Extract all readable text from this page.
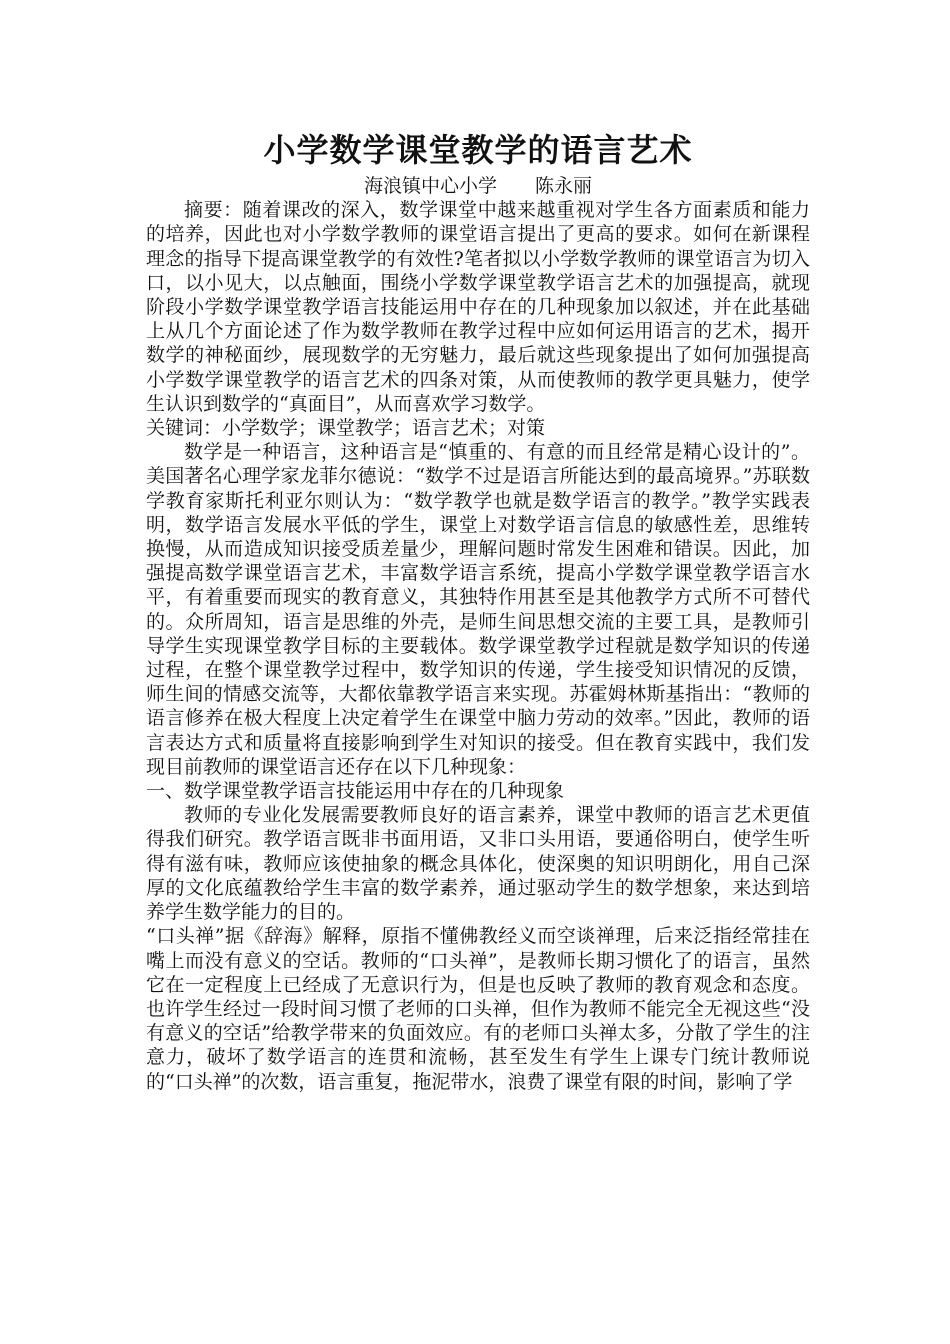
小学数学课堂教学的语言艺术

海浪镇中心小学　　陈永丽

摘要：随着课改的深入，数学课堂中越来越重视对学生各方面素质和能力的培养，因此也对小学数学教师的课堂语言提出了更高的要求。如何在新课程理念的指导下提高课堂教学的有效性?笔者拟以小学数学教师的课堂语言为切入口，以小见大，以点触面，围绕小学数学课堂教学语言艺术的加强提高，就现阶段小学数学课堂教学语言技能运用中存在的几种现象加以叙述，并在此基础上从几个方面论述了作为数学教师在教学过程中应如何运用语言的艺术，揭开数学的神秘面纱，展现数学的无穷魅力，最后就这些现象提出了如何加强提高小学数学课堂教学的语言艺术的四条对策，从而使教师的教学更具魅力，使学生认识到数学的“真面目”，从而喜欢学习数学。

关键词：小学数学；课堂教学；语言艺术；对策

数学是一种语言，这种语言是“慎重的、有意的而且经常是精心设计的”。美国著名心理学家龙菲尔德说：“数学不过是语言所能达到的最高境界。”苏联数学教育家斯托利亚尔则认为：“数学教学也就是数学语言的教学。”教学实践表明，数学语言发展水平低的学生，课堂上对数学语言信息的敏感性差，思维转换慢，从而造成知识接受质差量少，理解问题时常发生困难和错误。因此，加强提高数学课堂语言艺术，丰富数学语言系统，提高小学数学课堂教学语言水平，有着重要而现实的教育意义，其独特作用甚至是其他教学方式所不可替代的。众所周知，语言是思维的外壳，是师生间思想交流的主要工具，是教师引导学生实现课堂教学目标的主要载体。数学课堂教学过程就是数学知识的传递过程，在整个课堂教学过程中，数学知识的传递，学生接受知识情况的反馈，师生间的情感交流等，大都依靠教学语言来实现。苏霍姆林斯基指出：“教师的语言修养在极大程度上决定着学生在课堂中脑力劳动的效率。”因此，教师的语言表达方式和质量将直接影响到学生对知识的接受。但在教育实践中，我们发现目前教师的课堂语言还存在以下几种现象：

一、数学课堂教学语言技能运用中存在的几种现象

教师的专业化发展需要教师良好的语言素养，课堂中教师的语言艺术更值得我们研究。教学语言既非书面用语，又非口头用语，要通俗明白，使学生听得有滋有味，教师应该使抽象的概念具体化，使深奥的知识明朗化，用自己深厚的文化底蕴教给学生丰富的数学素养，通过驱动学生的数学想象，来达到培养学生数学能力的目的。

“口头禅”据《辞海》解释，原指不懂佛教经义而空谈禅理，后来泛指经常挂在嘴上而没有意义的空话。教师的“口头禅”，是教师长期习惯化了的语言，虽然它在一定程度上已经成了无意识行为，但是也反映了教师的教育观念和态度。也许学生经过一段时间习惯了老师的口头禅，但作为教师不能完全无视这些“没有意义的空话”给教学带来的负面效应。有的老师口头禅太多，分散了学生的注意力，破坏了数学语言的连贯和流畅，甚至发生有学生上课专门统计教师说的“口头禅”的次数，语言重复，拖泥带水，浪费了课堂有限的时间，影响了学
